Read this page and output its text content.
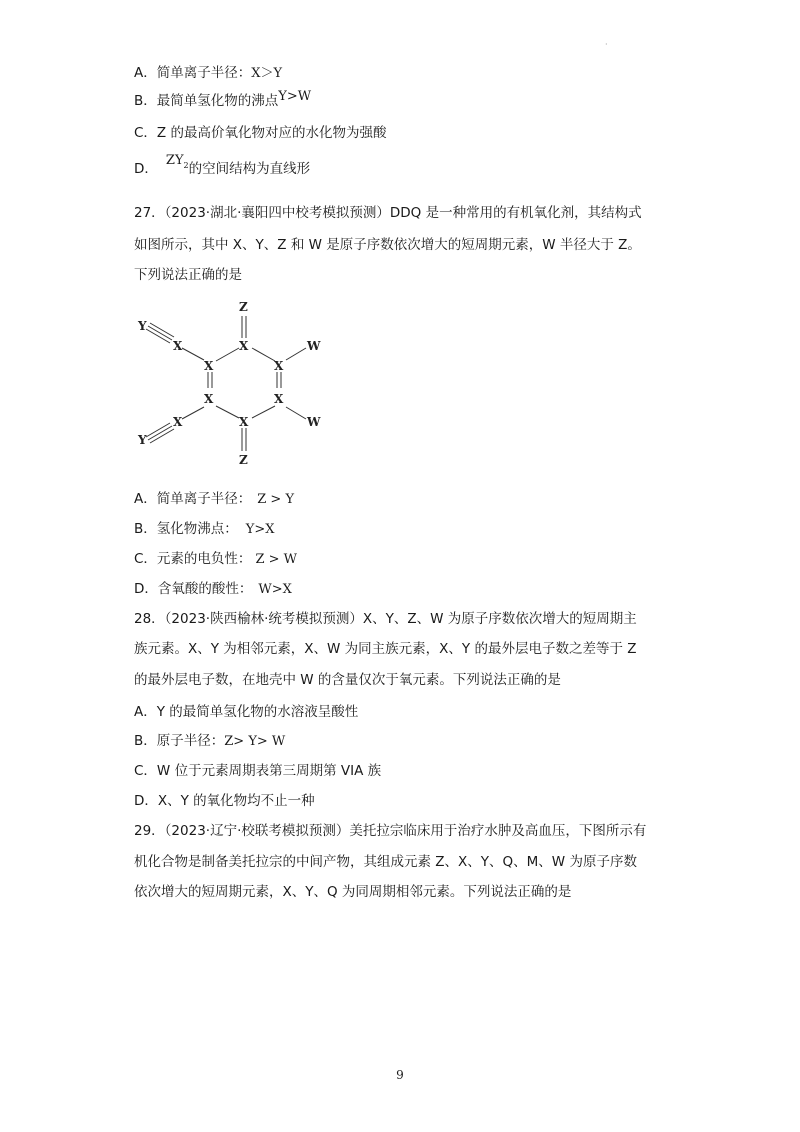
·
A．简单离子半径：X＞Y
B．最简单氢化物的沸点Y>W
C．Z 的最高价氧化物对应的水化物为强酸
D．$ZY_2$的空间结构为直线形
27．（2023·湖北·襄阳四中校考模拟预测）DDQ 是一种常用的有机氧化剂，其结构式
如图所示，其中 X、Y、Z 和 W 是原子序数依次增大的短周期元素，W 半径大于 Z。
下列说法正确的是
Z
X
X	X
X	X
X
Z
X
X
Y
Y
W
W
A．简单离子半径： Z > Y
B．氢化物沸点： Y>X
C．元素的电负性： Z > W
D．含氧酸的酸性： W>X
28．（2023·陕西榆林·统考模拟预测）X、Y、Z、W 为原子序数依次增大的短周期主
族元素。X、Y 为相邻元素，X、W 为同主族元素，X、Y 的最外层电子数之差等于 Z
的最外层电子数，在地壳中 W 的含量仅次于氧元素。下列说法正确的是
A．Y 的最简单氢化物的水溶液呈酸性
B．原子半径：Z> Y> W
C．W 位于元素周期表第三周期第 VIA 族
D．X、Y 的氧化物均不止一种
29．（2023·辽宁·校联考模拟预测）美托拉宗临床用于治疗水肿及高血压，下图所示有
机化合物是制备美托拉宗的中间产物，其组成元素 Z、X、Y、Q、M、W 为原子序数
依次增大的短周期元素，X、Y、Q 为同周期相邻元素。下列说法正确的是
9
